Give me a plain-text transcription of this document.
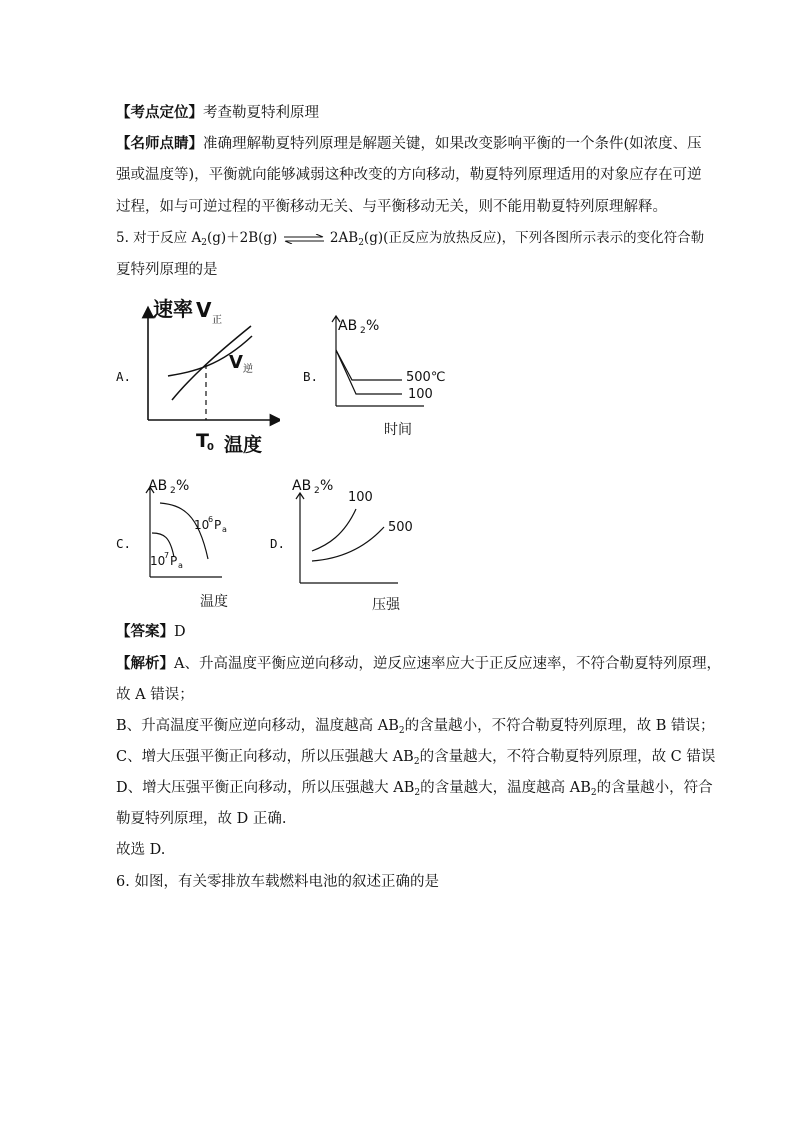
【考点定位】考查勒夏特利原理
【名师点睛】准确理解勒夏特列原理是解题关键，如果改变影响平衡的一个条件(如浓度、压
强或温度等)，平衡就向能够减弱这种改变的方向移动，勒夏特列原理适用的对象应存在可逆
过程，如与可逆过程的平衡移动无关、与平衡移动无关，则不能用勒夏特列原理解释。
5. 对于反应 $A_2(g)+2B(g)$ ⇌ $2AB_2(g)$(正反应为放热反应)，下列各图所示表示的变化符合勒
夏特列原理的是
A.	B.
C.	D.
速率 V 正
V 逆
T
0 温度
AB 2 %
500℃
100
时间
AB 2 %
10
6 P a
10
7 P a
温度
AB 2 %
100
500
压强
【答案】D
【解析】A、升高温度平衡应逆向移动，逆反应速率应大于正反应速率，不符合勒夏特列原理，
故 A 错误；
B、升高温度平衡应逆向移动，温度越高 $AB_2$的含量越小，不符合勒夏特列原理，故 B 错误；
C、增大压强平衡正向移动，所以压强越大 $AB_2$的含量越大，不符合勒夏特列原理，故 C 错误
D、增大压强平衡正向移动，所以压强越大 $AB_2$的含量越大，温度越高 $AB_2$的含量越小，符合
勒夏特列原理，故 D 正确.
故选 D.
6. 如图，有关零排放车载燃料电池的叙述正确的是
